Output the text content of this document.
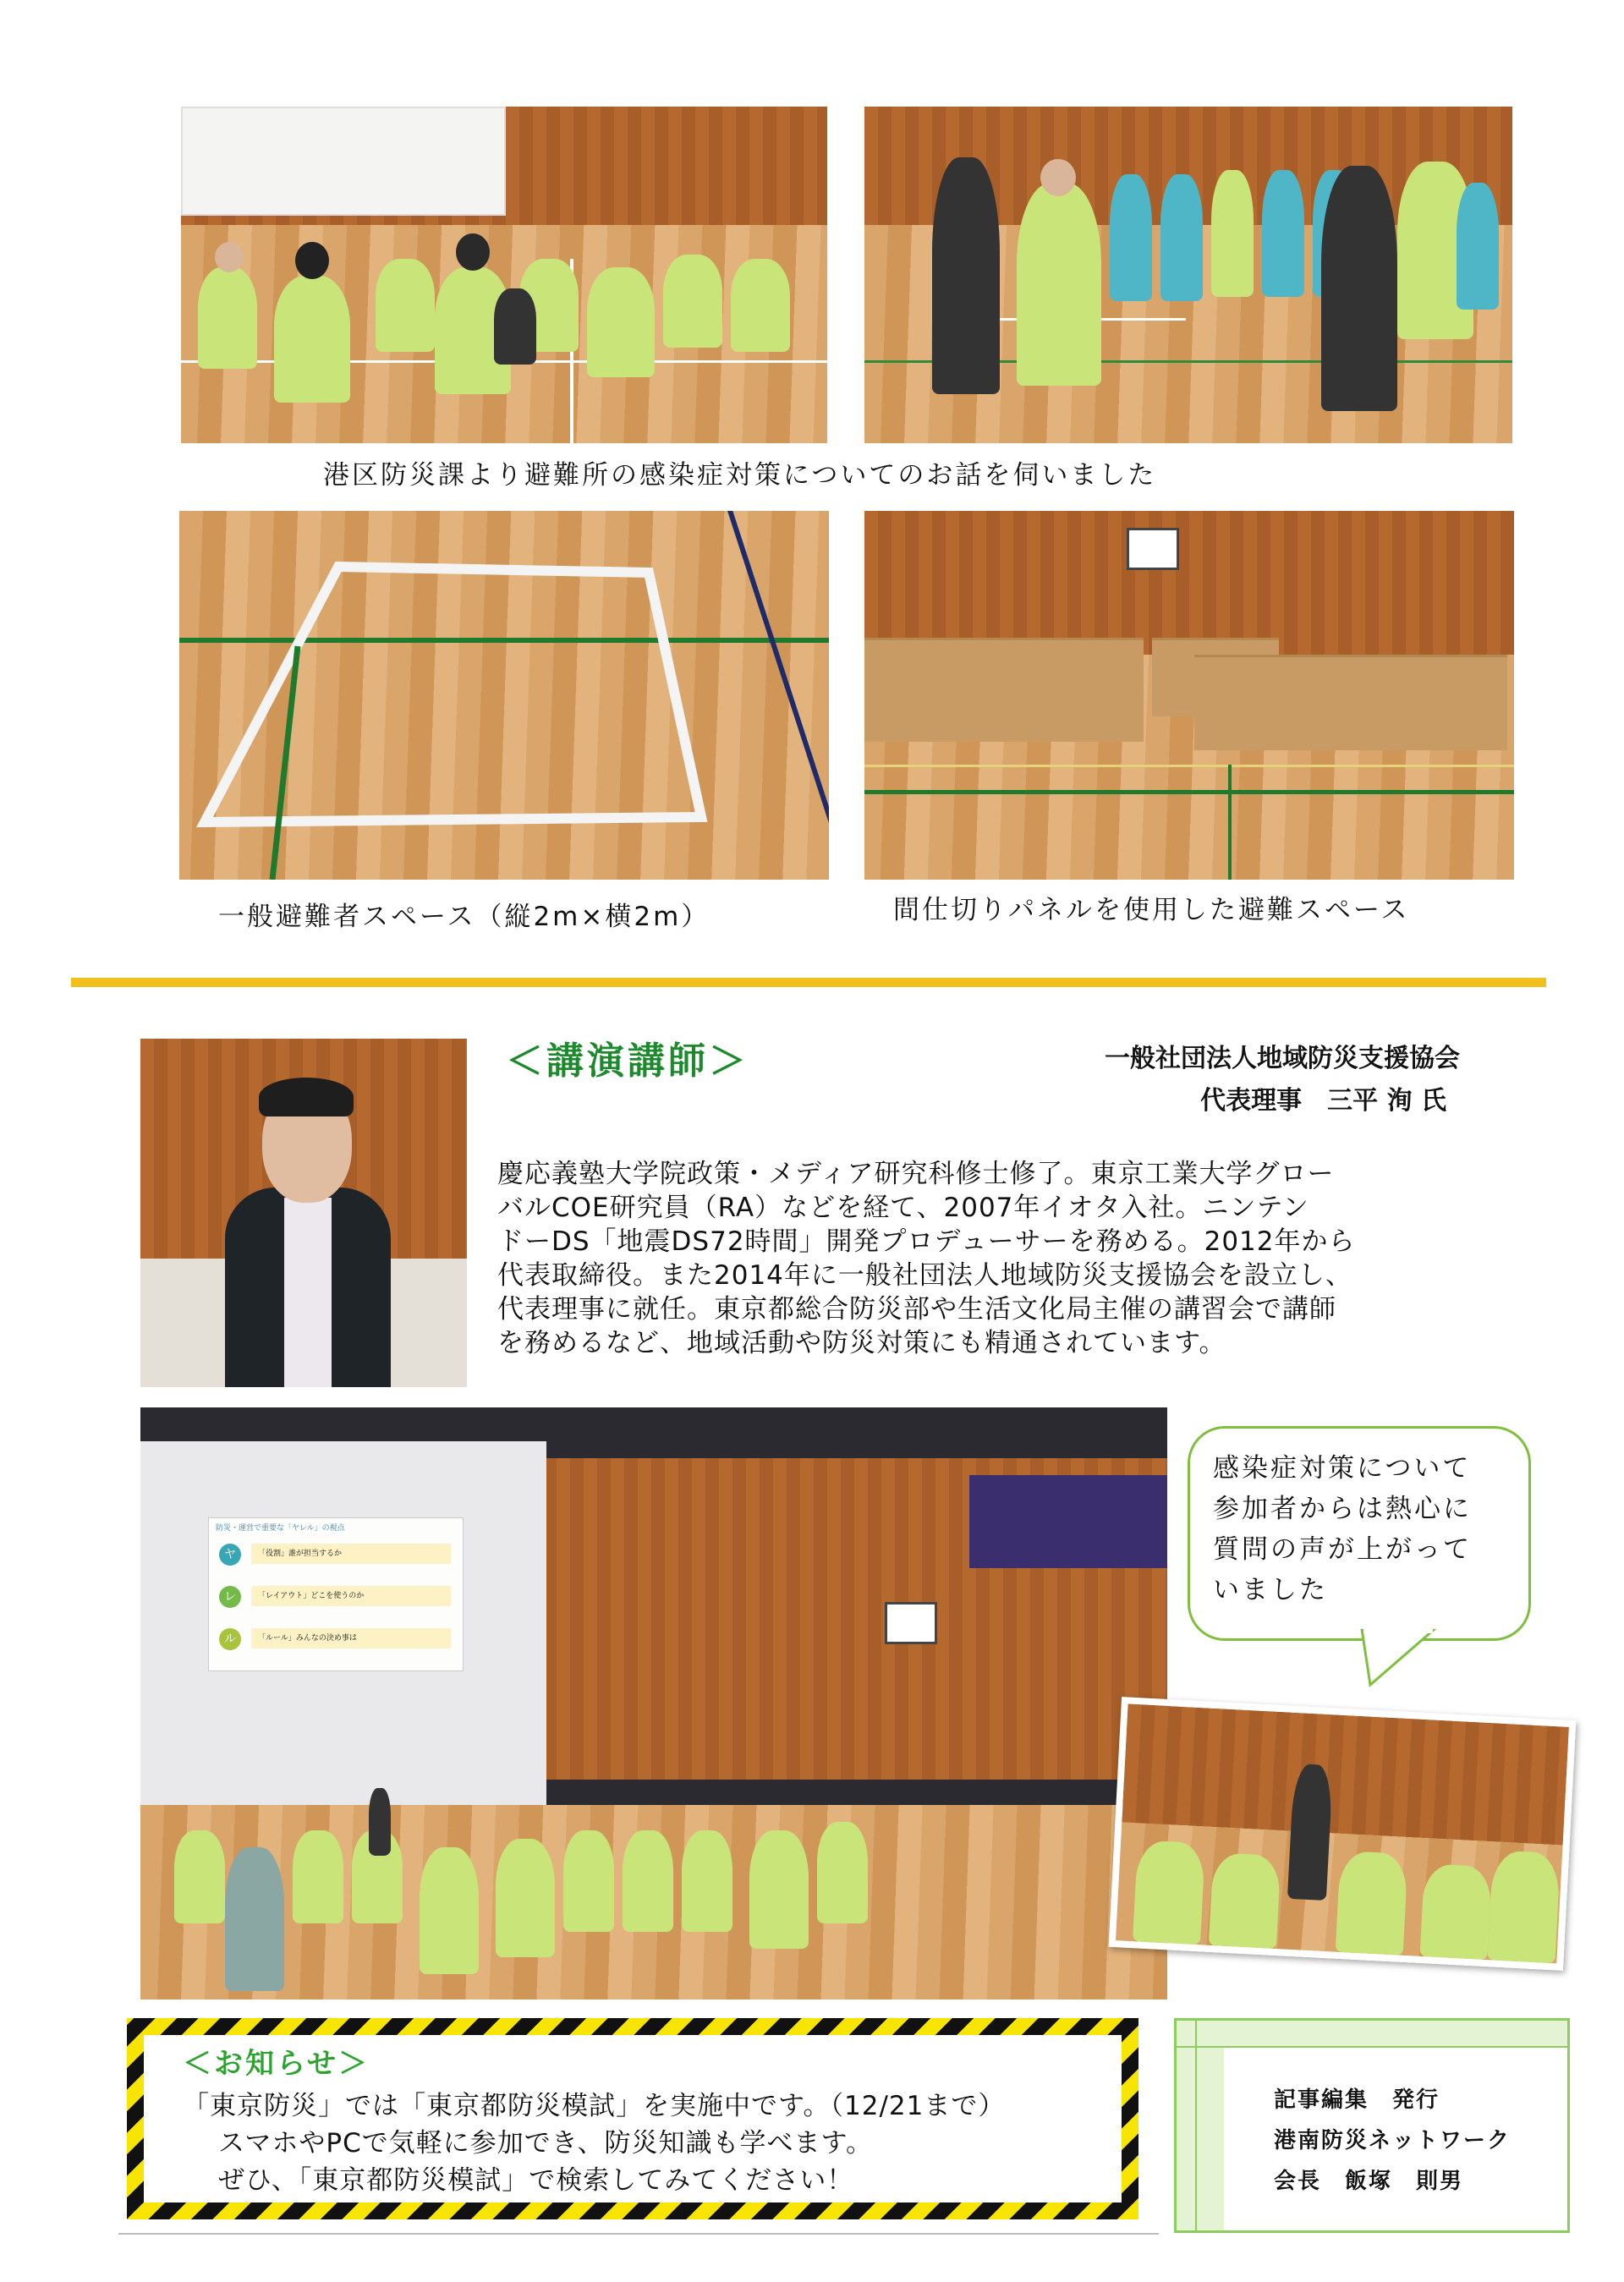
港区防災課より避難所の感染症対策についてのお話を伺いました
一般避難者スペース（縦2m×横2m）	間仕切りパネルを使用した避難スペース
＜講演講師＞	一般社団法人地域防災支援協会
代表理事　三平 洵 氏
慶応義塾大学院政策・メディア研究科修士修了。東京工業大学グロー
バルCOE研究員（RA）などを経て、2007年イオタ入社。ニンテン
ドーDS「地震DS72時間」開発プロデューサーを務める。2012年から
代表取締役。また2014年に一般社団法人地域防災支援協会を設立し、
代表理事に就任。東京都総合防災部や生活文化局主催の講習会で講師
を務めるなど、地域活動や防災対策にも精通されています。
防災・運営で重要な「ヤレル」の視点
ヤ	「役割」誰が担当するか
レ	「レイアウト」どこを使うのか
ル	「ルール」みんなの決め事は
感染症対策について
参加者からは熱心に
質問の声が上がって
いました
＜お知らせ＞
「東京防災」では「東京都防災模試」を実施中です。（12/21まで）
スマホやPCで気軽に参加でき、防災知識も学べます。
ぜひ、「東京都防災模試」で検索してみてください！
記事編集　発行
港南防災ネットワーク
会長　飯塚　則男
